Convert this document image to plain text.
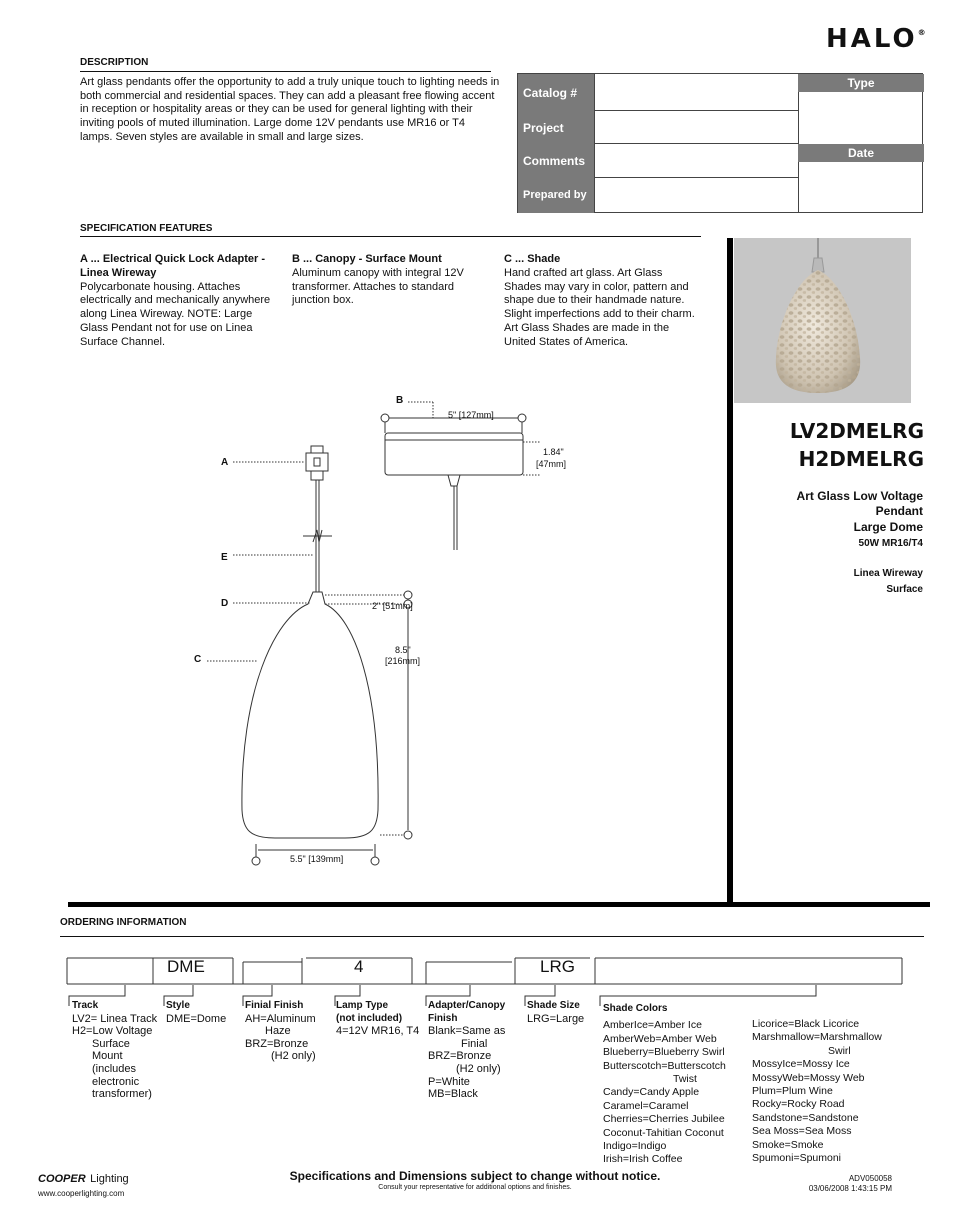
HALO®
DESCRIPTION
Art glass pendants offer the opportunity to add a truly unique touch to lighting needs in both commercial and residential spaces. They can add a pleasant free flowing accent in reception or hospitality areas or they can be used for general lighting with their inviting pools of muted illumination. Large dome 12V pendants use MR16 or T4 lamps. Seven styles are available in small and large sizes.
Catalog #
Project
Comments
Prepared by
Type
Date
SPECIFICATION FEATURES
A ... Electrical Quick Lock Adapter - Linea Wireway
Polycarbonate housing. Attaches electrically and mechanically anywhere along Linea Wireway. NOTE: Large Glass Pendant not for use on Linea Surface Channel.
B ... Canopy - Surface Mount
Aluminum canopy with integral 12V transformer. Attaches to standard junction box.
C ... Shade
Hand crafted art glass. Art Glass Shades may vary in color, pattern and shape due to their handmade nature. Slight imperfections add to their charm. Art Glass Shades are made in the United States of America.
LV2DMELRG
H2DMELRG
Art Glass Low Voltage
Pendant
Large Dome
50W MR16/T4
Linea Wireway
Surface
B
A
E
D
C
5" [127mm]
1.84"
[47mm]
2" [51mm]
8.5"
[216mm]
5.5" [139mm]
ORDERING INFORMATION
DME	4	LRG
Track
LV2= Linea Track
H2=Low Voltage
Surface Mount
(includes
electronic
transformer)
Style
DME=Dome
Finial Finish
AH=Aluminum
Haze
BRZ=Bronze
(H2 only)
Lamp Type
(not included)
4=12V MR16, T4
Adapter/Canopy
Finish
Blank=Same as
Finial
BRZ=Bronze
(H2 only)
P=White
MB=Black
Shade Size
LRG=Large
Shade Colors
AmberIce=Amber Ice
AmberWeb=Amber Web
Blueberry=Blueberry Swirl
Butterscotch=Butterscotch
Twist
Candy=Candy Apple
Caramel=Caramel
Cherries=Cherries Jubilee
Coconut-Tahitian Coconut
Indigo=Indigo
Irish=Irish Coffee
Licorice=Black Licorice
Marshmallow=Marshmallow
Swirl
MossyIce=Mossy Ice
MossyWeb=Mossy Web
Plum=Plum Wine
Rocky=Rocky Road
Sandstone=Sandstone
Sea Moss=Sea Moss
Smoke=Smoke
Spumoni=Spumoni
COOPER Lighting
www.cooperlighting.com
Specifications and Dimensions subject to change without notice.
Consult your representative for additional options and finishes.
ADV050058
03/06/2008 1:43:15 PM
